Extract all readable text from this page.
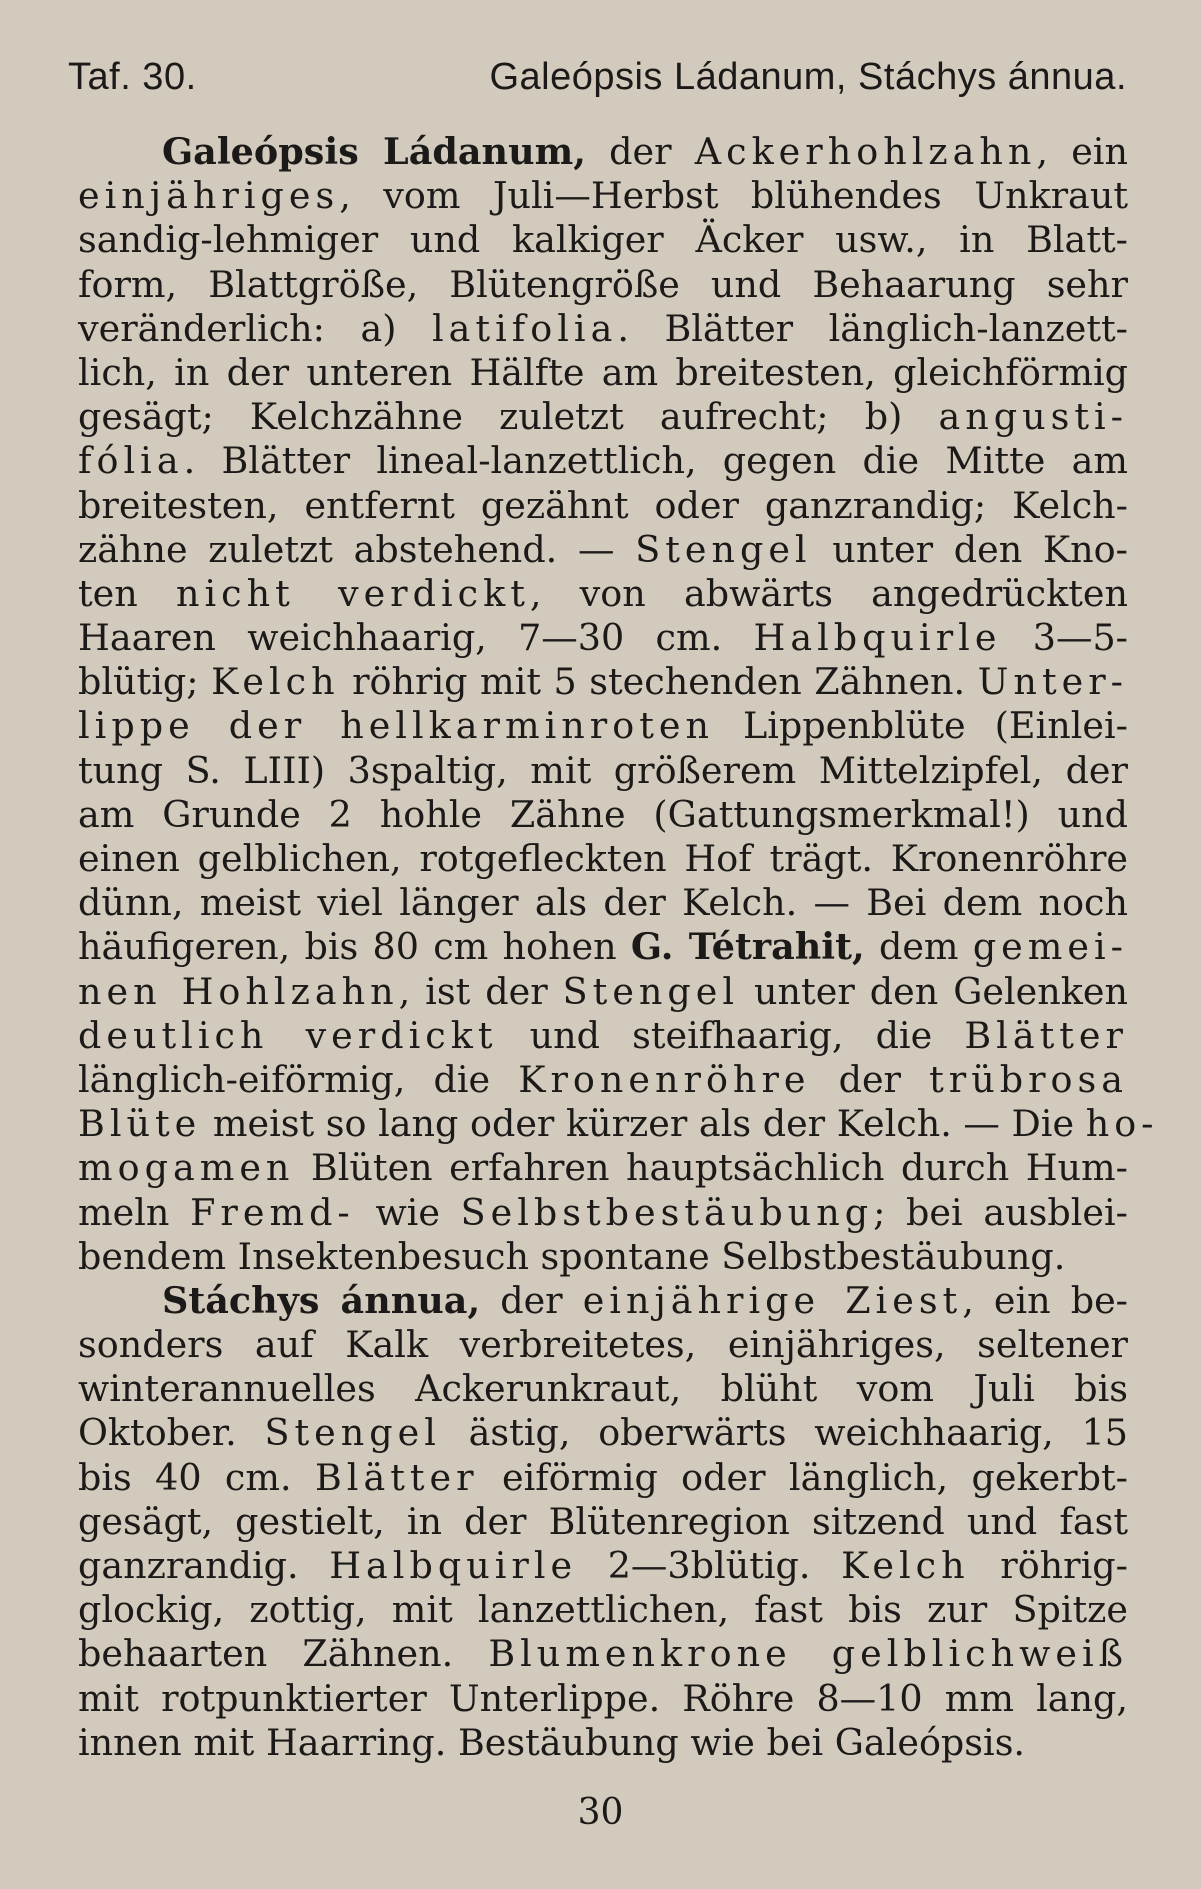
Taf. 30.	Galeópsis Ládanum, Stáchys ánnua.
Galeópsis Ládanum, der Ackerhohlzahn, ein
einjähriges, vom Juli—Herbst blühendes Unkraut
sandig-lehmiger und kalkiger Äcker usw., in Blatt-
form, Blattgröße, Blütengröße und Behaarung sehr
veränderlich: a) latifolia. Blätter länglich-lanzett-
lich, in der unteren Hälfte am breitesten, gleichförmig
gesägt; Kelchzähne zuletzt aufrecht; b) angusti-
fólia. Blätter lineal-lanzettlich, gegen die Mitte am
breitesten, entfernt gezähnt oder ganzrandig; Kelch-
zähne zuletzt abstehend. — Stengel unter den Kno-
ten nicht verdickt, von abwärts angedrückten
Haaren weichhaarig, 7—30 cm. Halbquirle 3—5-
blütig; Kelch röhrig mit 5 stechenden Zähnen. Unter-
lippe der hellkarminroten Lippenblüte (Einlei-
tung S. LIII) 3spaltig, mit größerem Mittelzipfel, der
am Grunde 2 hohle Zähne (Gattungsmerkmal!) und
einen gelblichen, rotgefleckten Hof trägt. Kronenröhre
dünn, meist viel länger als der Kelch. — Bei dem noch
häufigeren, bis 80 cm hohen G. Tétrahit, dem gemei-
nen Hohlzahn, ist der Stengel unter den Gelenken
deutlich verdickt und steifhaarig, die Blätter
länglich-eiförmig, die Kronenröhre der trübrosa
Blüte meist so lang oder kürzer als der Kelch. — Die ho-
mogamen Blüten erfahren hauptsächlich durch Hum-
meln Fremd- wie Selbstbestäubung; bei ausblei-
bendem Insektenbesuch spontane Selbstbestäubung.
Stáchys ánnua, der einjährige Ziest, ein be-
sonders auf Kalk verbreitetes, einjähriges, seltener
winterannuelles Ackerunkraut, blüht vom Juli bis
Oktober. Stengel ästig, oberwärts weichhaarig, 15
bis 40 cm. Blätter eiförmig oder länglich, gekerbt-
gesägt, gestielt, in der Blütenregion sitzend und fast
ganzrandig. Halbquirle 2—3blütig. Kelch röhrig-
glockig, zottig, mit lanzettlichen, fast bis zur Spitze
behaarten Zähnen. Blumenkrone gelblichweiß
mit rotpunktierter Unterlippe. Röhre 8—10 mm lang,
innen mit Haarring. Bestäubung wie bei Galeópsis.
30
